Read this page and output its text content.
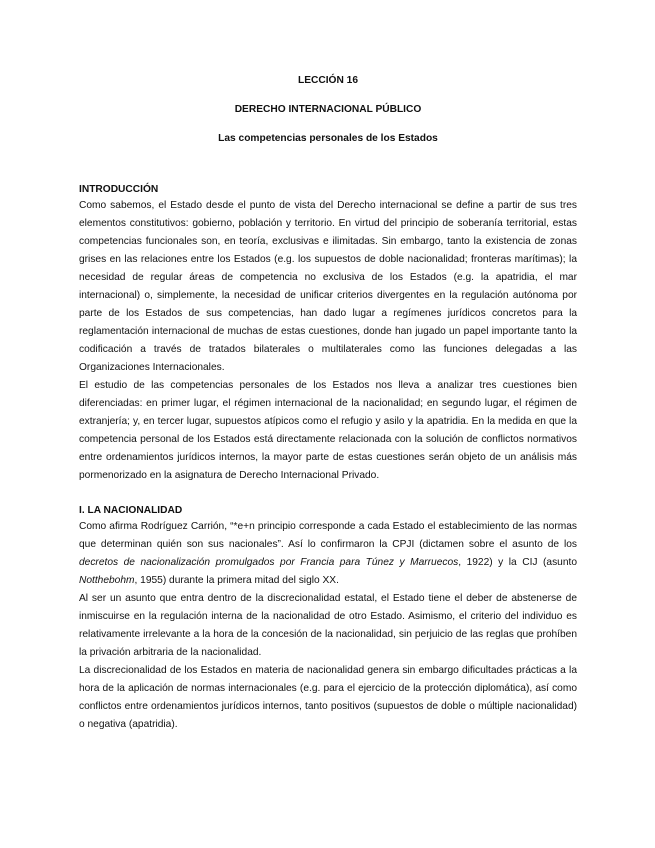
LECCIÓN 16

DERECHO INTERNACIONAL PÚBLICO

Las competencias personales de los Estados

INTRODUCCIÓN

Como sabemos, el Estado desde el punto de vista del Derecho internacional se define a partir de sus tres elementos constitutivos: gobierno, población y territorio. En virtud del principio de soberanía territorial, estas competencias funcionales son, en teoría, exclusivas e ilimitadas. Sin embargo, tanto la existencia de zonas grises en las relaciones entre los Estados (e.g. los supuestos de doble nacionalidad; fronteras marítimas); la necesidad de regular áreas de competencia no exclusiva de los Estados (e.g. la apatridia, el mar internacional) o, simplemente, la necesidad de unificar criterios divergentes en la regulación autónoma por parte de los Estados de sus competencias, han dado lugar a regímenes jurídicos concretos para la reglamentación internacional de muchas de estas cuestiones, donde han jugado un papel importante tanto la codificación a través de tratados bilaterales o multilaterales como las funciones delegadas a las Organizaciones Internacionales.

El estudio de las competencias personales de los Estados nos lleva a analizar tres cuestiones bien diferenciadas: en primer lugar, el régimen internacional de la nacionalidad; en segundo lugar, el régimen de extranjería; y, en tercer lugar, supuestos atípicos como el refugio y asilo y la apatridia. En la medida en que la competencia personal de los Estados está directamente relacionada con la solución de conflictos normativos entre ordenamientos jurídicos internos, la mayor parte de estas cuestiones serán objeto de un análisis más pormenorizado en la asignatura de Derecho Internacional Privado.

I. LA NACIONALIDAD

Como afirma Rodríguez Carrión, “*e+n principio corresponde a cada Estado el establecimiento de las normas que determinan quién son sus nacionales”. Así lo confirmaron la CPJI (dictamen sobre el asunto de los decretos de nacionalización promulgados por Francia para Túnez y Marruecos, 1922) y la CIJ (asunto Notthebohm, 1955) durante la primera mitad del siglo XX.

Al ser un asunto que entra dentro de la discrecionalidad estatal, el Estado tiene el deber de abstenerse de inmiscuirse en la regulación interna de la nacionalidad de otro Estado. Asimismo, el criterio del individuo es relativamente irrelevante a la hora de la concesión de la nacionalidad, sin perjuicio de las reglas que prohíben la privación arbitraria de la nacionalidad.

La discrecionalidad de los Estados en materia de nacionalidad genera sin embargo dificultades prácticas a la hora de la aplicación de normas internacionales (e.g. para el ejercicio de la protección diplomática), así como conflictos entre ordenamientos jurídicos internos, tanto positivos (supuestos de doble o múltiple nacionalidad) o negativa (apatridia).
